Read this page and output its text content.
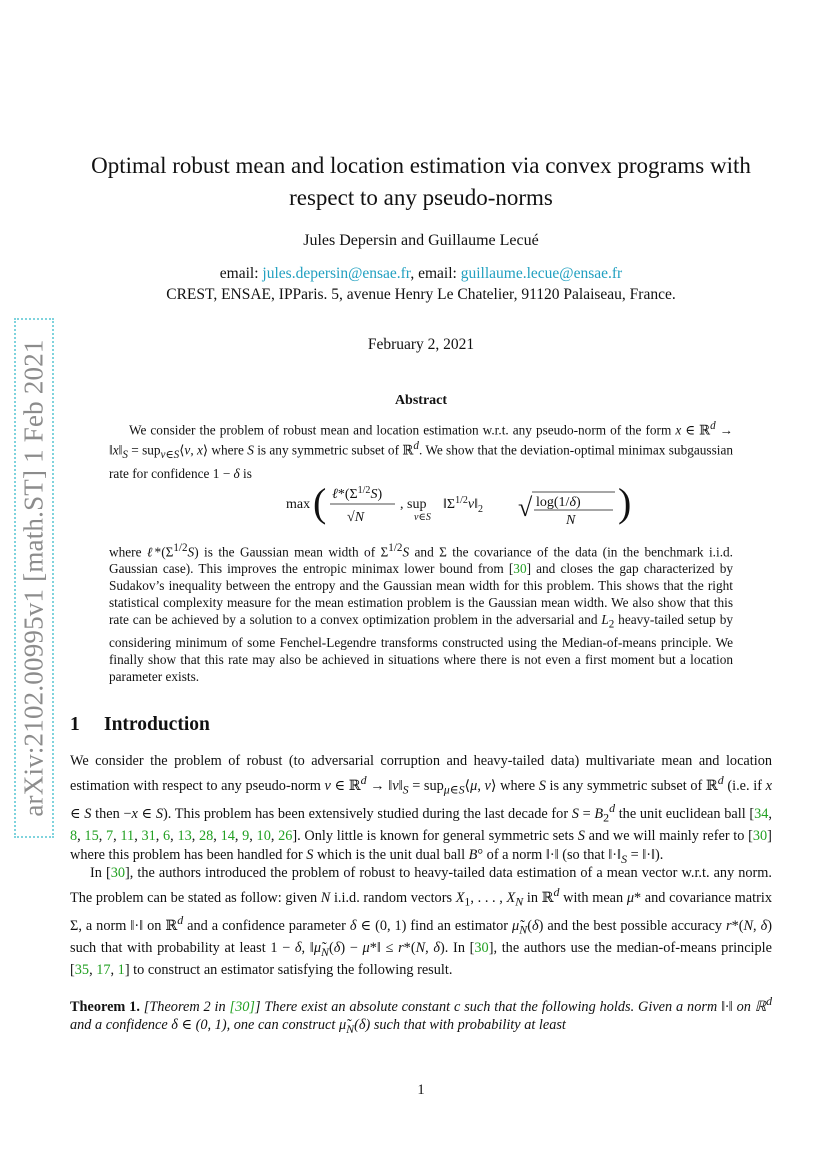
arXiv:2102.00995v1 [math.ST] 1 Feb 2021
Optimal robust mean and location estimation via convex programs with
respect to any pseudo-norms
Jules Depersin and Guillaume Lecué
email: jules.depersin@ensae.fr, email: guillaume.lecue@ensae.fr
CREST, ENSAE, IPParis. 5, avenue Henry Le Chatelier, 91120 Palaiseau, France.
February 2, 2021
Abstract
We consider the problem of robust mean and location estimation w.r.t. any pseudo-norm of the form x ∈ ℝ$^d$ → $‖x‖_S$ = sup$_{v\in S}$⟨v, x⟩ where S is any symmetric subset of ℝ$^d$. We show that the deviation-optimal minimax subgaussian rate for confidence 1 − δ is
max ( $\ell*(\Sigma^{1/2}S)$
√N
, sup
v∈S
$‖\Sigma^{1/2}v‖_2$ √ log(1/δ)
N )
where $\ell*(\Sigma^{1/2}S)$ is the Gaussian mean width of $\Sigma^{1/2}S$ and Σ the covariance of the data (in the benchmark i.i.d. Gaussian case). This improves the entropic minimax lower bound from [30] and closes the gap characterized by Sudakov’s inequality between the entropy and the Gaussian mean width for this problem. This shows that the right statistical complexity measure for the mean estimation problem is the Gaussian mean width. We also show that this rate can be achieved by a solution to a convex optimization problem in the adversarial and $L_2$ heavy-tailed setup by considering minimum of some Fenchel-Legendre transforms constructed using the Median-of-means principle. We finally show that this rate may also be achieved in situations where there is not even a first moment but a location parameter exists.
1 Introduction
We consider the problem of robust (to adversarial corruption and heavy-tailed data) multivariate mean and location estimation with respect to any pseudo-norm ν ∈ ℝ$^d$ → $‖\nu‖_S$ = sup$_{\mu\in S}$⟨μ, ν⟩ where S is any symmetric subset of ℝ$^d$ (i.e. if x ∈ S then −x ∈ S). This problem has been extensively studied during the last decade for $S = B_2^d$ the unit euclidean ball [34, 8, 15, 7, 11, 31, 6, 13, 28, 14, 9, 10, 26]. Only little is known for general symmetric sets S and we will mainly refer to [30] where this problem has been handled for S which is the unit dual ball B° of a norm ‖·‖ (so that $‖\cdot‖_S$ = ‖·‖).
In [30], the authors introduced the problem of robust to heavy-tailed data estimation of a mean vector w.r.t. any norm. The problem can be stated as follow: given N i.i.d. random vectors $X_1$, . . . , $X_N$ in ℝ$^d$ with mean μ* and covariance matrix Σ, a norm ‖·‖ on ℝ$^d$ and a confidence parameter δ ∈ (0, 1) find an estimator $\mũ_N(\delta)$ and the best possible accuracy r*(N, δ) such that with probability at least 1 − δ, $‖\mũ_N(\delta)$ − μ*‖ ≤ r*(N, δ). In [30], the authors use the median-of-means principle [35, 17, 1] to construct an estimator satisfying the following result.
Theorem 1. [Theorem 2 in [30]] There exist an absolute constant c such that the following holds. Given a norm ‖·‖ on ℝ$^d$ and a confidence δ ∈ (0, 1), one can construct $\mũ_N(\delta)$ such that with probability at least
1
